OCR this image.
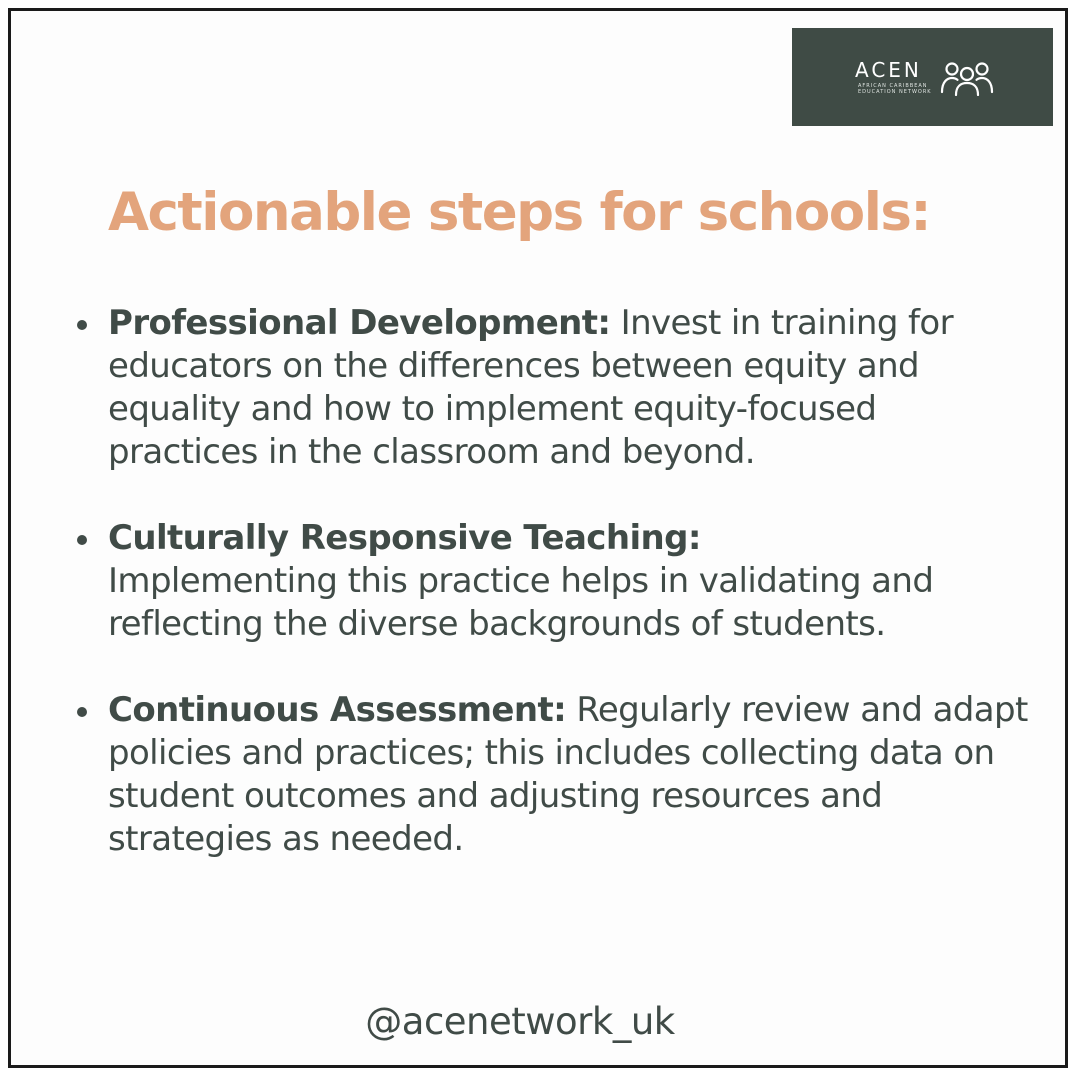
ACEN
AFRICAN CARIBBEAN EDUCATION NETWORK
Actionable steps for schools:
Professional Development: Invest in training for educators on the differences between equity and equality and how to implement equity-focused practices in the classroom and beyond.
Culturally Responsive Teaching:
Implementing this practice helps in validating and reflecting the diverse backgrounds of students.
Continuous Assessment: Regularly review and adapt policies and practices; this includes collecting data on student outcomes and adjusting resources and strategies as needed.
@acenetwork_uk
